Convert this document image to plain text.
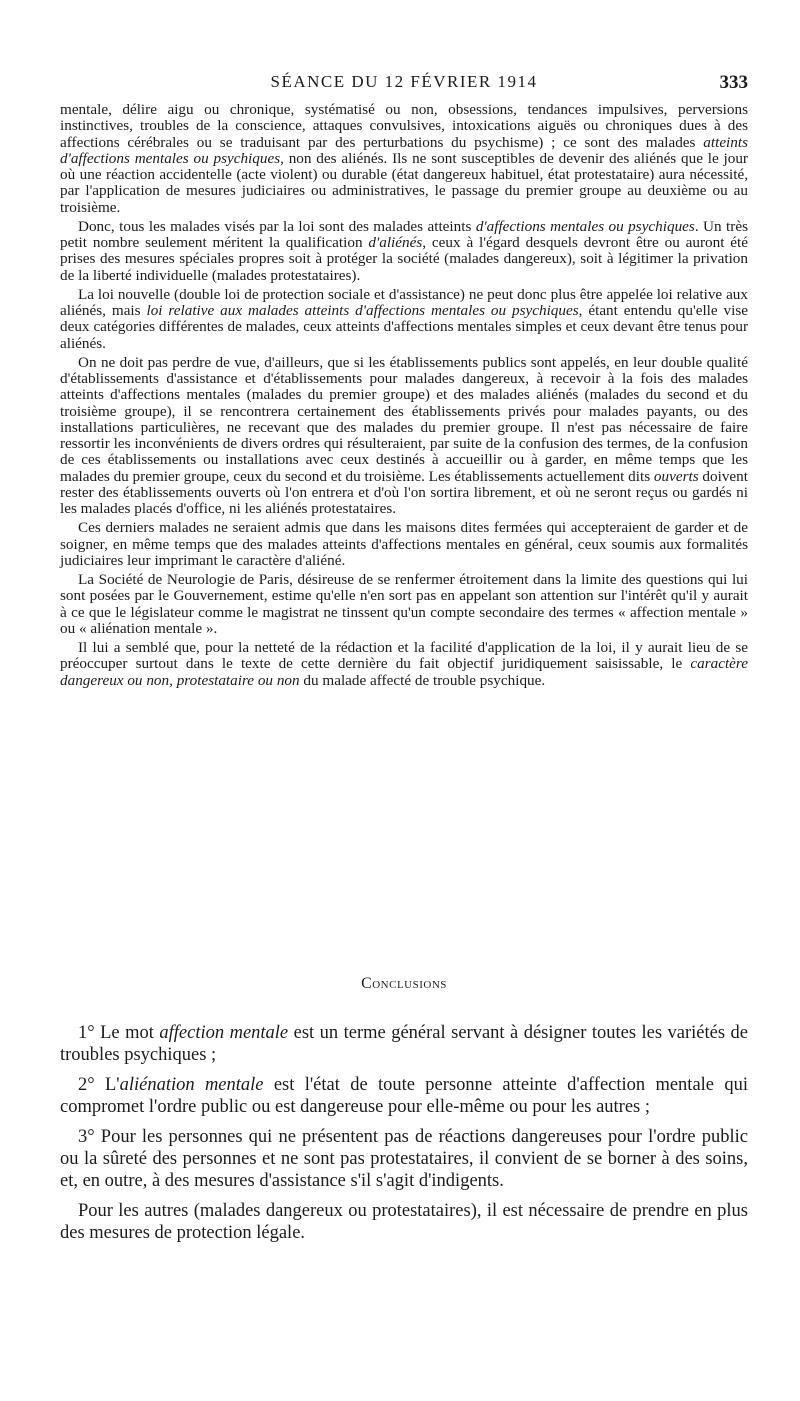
SÉANCE DU 12 FÉVRIER 1914	333

mentale, délire aigu ou chronique, systématisé ou non, obsessions, tendances impulsives, perversions instinctives, troubles de la conscience, attaques convulsives, intoxications aiguës ou chroniques dues à des affections cérébrales ou se traduisant par des perturbations du psychisme) ; ce sont des malades atteints d'affections mentales ou psychiques, non des aliénés. Ils ne sont susceptibles de devenir des aliénés que le jour où une réaction accidentelle (acte violent) ou durable (état dangereux habituel, état protestataire) aura nécessité, par l'application de mesures judiciaires ou administratives, le passage du premier groupe au deuxième ou au troisième.

Donc, tous les malades visés par la loi sont des malades atteints d'affections mentales ou psychiques. Un très petit nombre seulement méritent la qualification d'aliénés, ceux à l'égard desquels devront être ou auront été prises des mesures spéciales propres soit à protéger la société (malades dangereux), soit à légitimer la privation de la liberté individuelle (malades protestataires).

La loi nouvelle (double loi de protection sociale et d'assistance) ne peut donc plus être appelée loi relative aux aliénés, mais loi relative aux malades atteints d'affections mentales ou psychiques, étant entendu qu'elle vise deux catégories différentes de malades, ceux atteints d'affections mentales simples et ceux devant être tenus pour aliénés.

On ne doit pas perdre de vue, d'ailleurs, que si les établissements publics sont appelés, en leur double qualité d'établissements d'assistance et d'établissements pour malades dangereux, à recevoir à la fois des malades atteints d'affections mentales (malades du premier groupe) et des malades aliénés (malades du second et du troisième groupe), il se rencontrera certainement des établissements privés pour malades payants, ou des installations particulières, ne recevant que des malades du premier groupe. Il n'est pas nécessaire de faire ressortir les inconvénients de divers ordres qui résulteraient, par suite de la confusion des termes, de la confusion de ces établissements ou installations avec ceux destinés à accueillir ou à garder, en même temps que les malades du premier groupe, ceux du second et du troisième. Les établissements actuellement dits ouverts doivent rester des établissements ouverts où l'on entrera et d'où l'on sortira librement, et où ne seront reçus ou gardés ni les malades placés d'office, ni les aliénés protestataires.

Ces derniers malades ne seraient admis que dans les maisons dites fermées qui accepteraient de garder et de soigner, en même temps que des malades atteints d'affections mentales en général, ceux soumis aux formalités judiciaires leur imprimant le caractère d'aliéné.

La Société de Neurologie de Paris, désireuse de se renfermer étroitement dans la limite des questions qui lui sont posées par le Gouvernement, estime qu'elle n'en sort pas en appelant son attention sur l'intérêt qu'il y aurait à ce que le législateur comme le magistrat ne tinssent qu'un compte secondaire des termes « affection mentale » ou « aliénation mentale ».

Il lui a semblé que, pour la netteté de la rédaction et la facilité d'application de la loi, il y aurait lieu de se préoccuper surtout dans le texte de cette dernière du fait objectif juridiquement saisissable, le caractère dangereux ou non, protestataire ou non du malade affecté de trouble psychique.

Conclusions

1° Le mot affection mentale est un terme général servant à désigner toutes les variétés de troubles psychiques ;

2° L'aliénation mentale est l'état de toute personne atteinte d'affection mentale qui compromet l'ordre public ou est dangereuse pour elle-même ou pour les autres ;

3° Pour les personnes qui ne présentent pas de réactions dangereuses pour l'ordre public ou la sûreté des personnes et ne sont pas protestataires, il convient de se borner à des soins, et, en outre, à des mesures d'assistance s'il s'agit d'indigents.

Pour les autres (malades dangereux ou protestataires), il est nécessaire de prendre en plus des mesures de protection légale.
